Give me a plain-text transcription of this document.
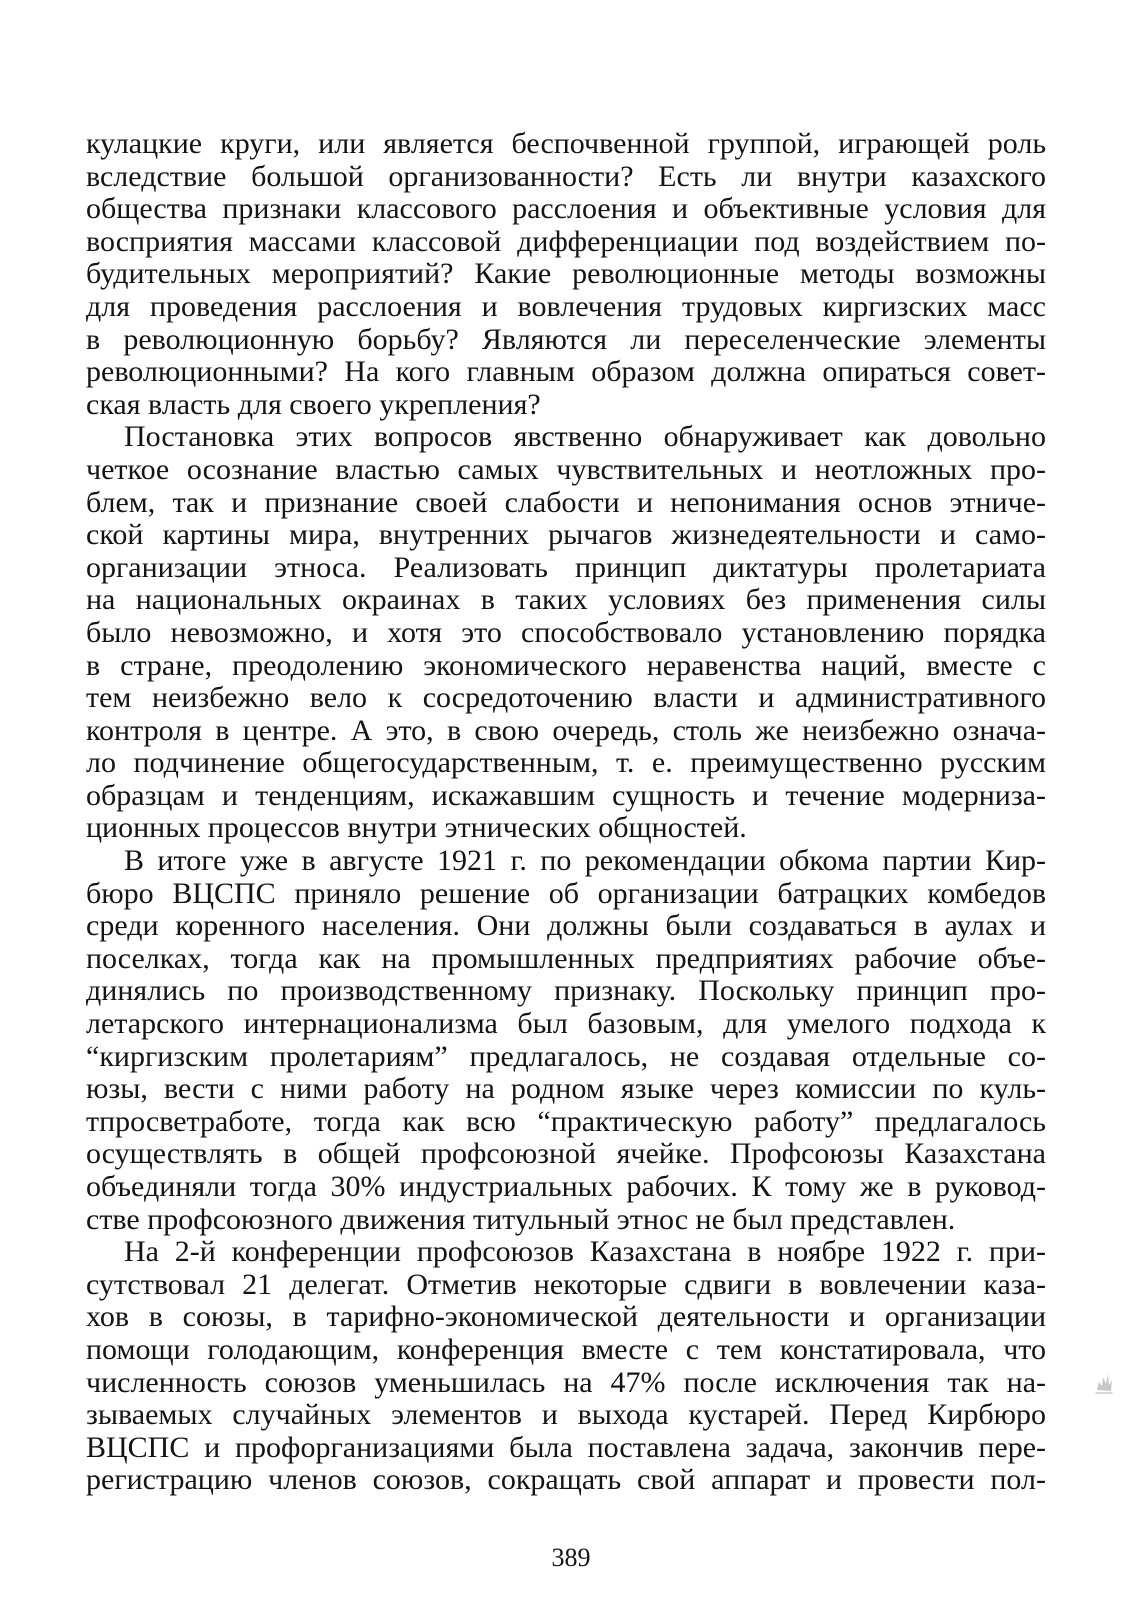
кулацкие круги, или является беспочвенной группой, играющей роль
вследствие большой организованности? Есть ли внутри казахского
общества признаки классового расслоения и объективные условия для
восприятия массами классовой дифференциации под воздействием по-
будительных мероприятий? Какие революционные методы возможны
для проведения расслоения и вовлечения трудовых киргизских масс
в революционную борьбу? Являются ли переселенческие элементы
революционными? На кого главным образом должна опираться совет-
ская власть для своего укрепления?

Постановка этих вопросов явственно обнаруживает как довольно
четкое осознание властью самых чувствительных и неотложных про-
блем, так и признание своей слабости и непонимания основ этниче-
ской картины мира, внутренних рычагов жизнедеятельности и само-
организации этноса. Реализовать принцип диктатуры пролетариата
на национальных окраинах в таких условиях без применения силы
было невозможно, и хотя это способствовало установлению порядка
в стране, преодолению экономического неравенства наций, вместе с
тем неизбежно вело к сосредоточению власти и административного
контроля в центре. А это, в свою очередь, столь же неизбежно означа-
ло подчинение общегосударственным, т. е. преимущественно русским
образцам и тенденциям, искажавшим сущность и течение модерниза-
ционных процессов внутри этнических общностей.

В итоге уже в августе 1921 г. по рекомендации обкома партии Кир-
бюро ВЦСПС приняло решение об организации батрацких комбедов
среди коренного населения. Они должны были создаваться в аулах и
поселках, тогда как на промышленных предприятиях рабочие объе-
динялись по производственному признаку. Поскольку принцип про-
летарского интернационализма был базовым, для умелого подхода к
“киргизским пролетариям” предлагалось, не создавая отдельные со-
юзы, вести с ними работу на родном языке через комиссии по куль-
тпросветработе, тогда как всю “практическую работу” предлагалось
осуществлять в общей профсоюзной ячейке. Профсоюзы Казахстана
объединяли тогда 30% индустриальных рабочих. К тому же в руковод-
стве профсоюзного движения титульный этнос не был представлен.

На 2-й конференции профсоюзов Казахстана в ноябре 1922 г. при-
сутствовал 21 делегат. Отметив некоторые сдвиги в вовлечении каза-
хов в союзы, в тарифно-экономической деятельности и организации
помощи голодающим, конференция вместе с тем констатировала, что
численность союзов уменьшилась на 47% после исключения так на-
зываемых случайных элементов и выхода кустарей. Перед Кирбюро
ВЦСПС и профорганизациями была поставлена задача, закончив пере-
регистрацию членов союзов, сокращать свой аппарат и провести пол-

389
